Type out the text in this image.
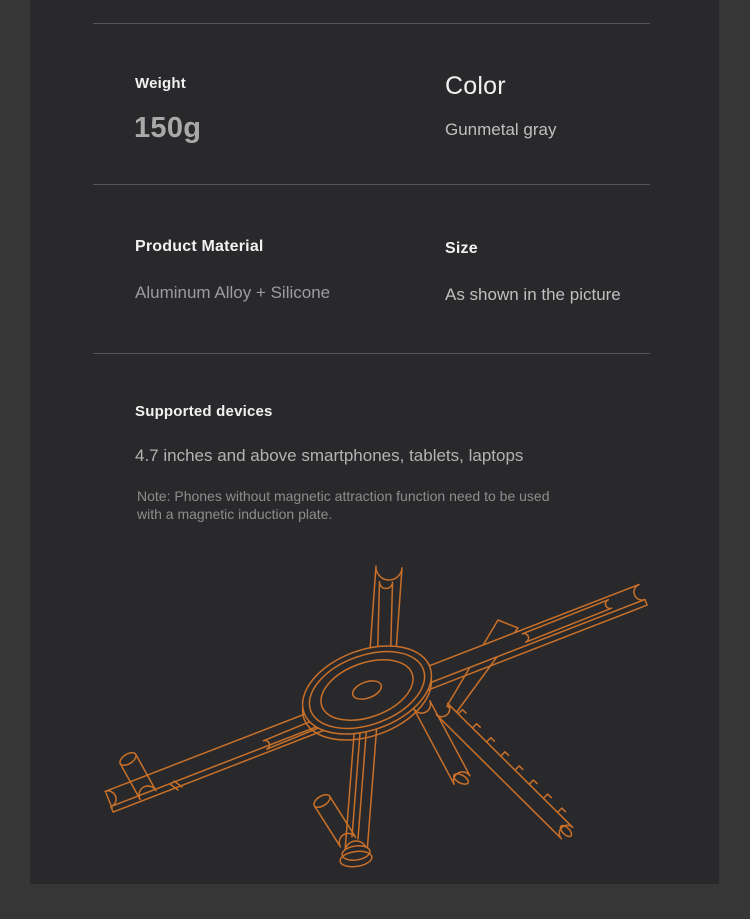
Weight
150g
Color
Gunmetal gray
Product Material
Aluminum Alloy + Silicone
Size
As shown in the picture
Supported devices
4.7 inches and above smartphones, tablets, laptops
Note: Phones without magnetic attraction function need to be used
with a magnetic induction plate.
